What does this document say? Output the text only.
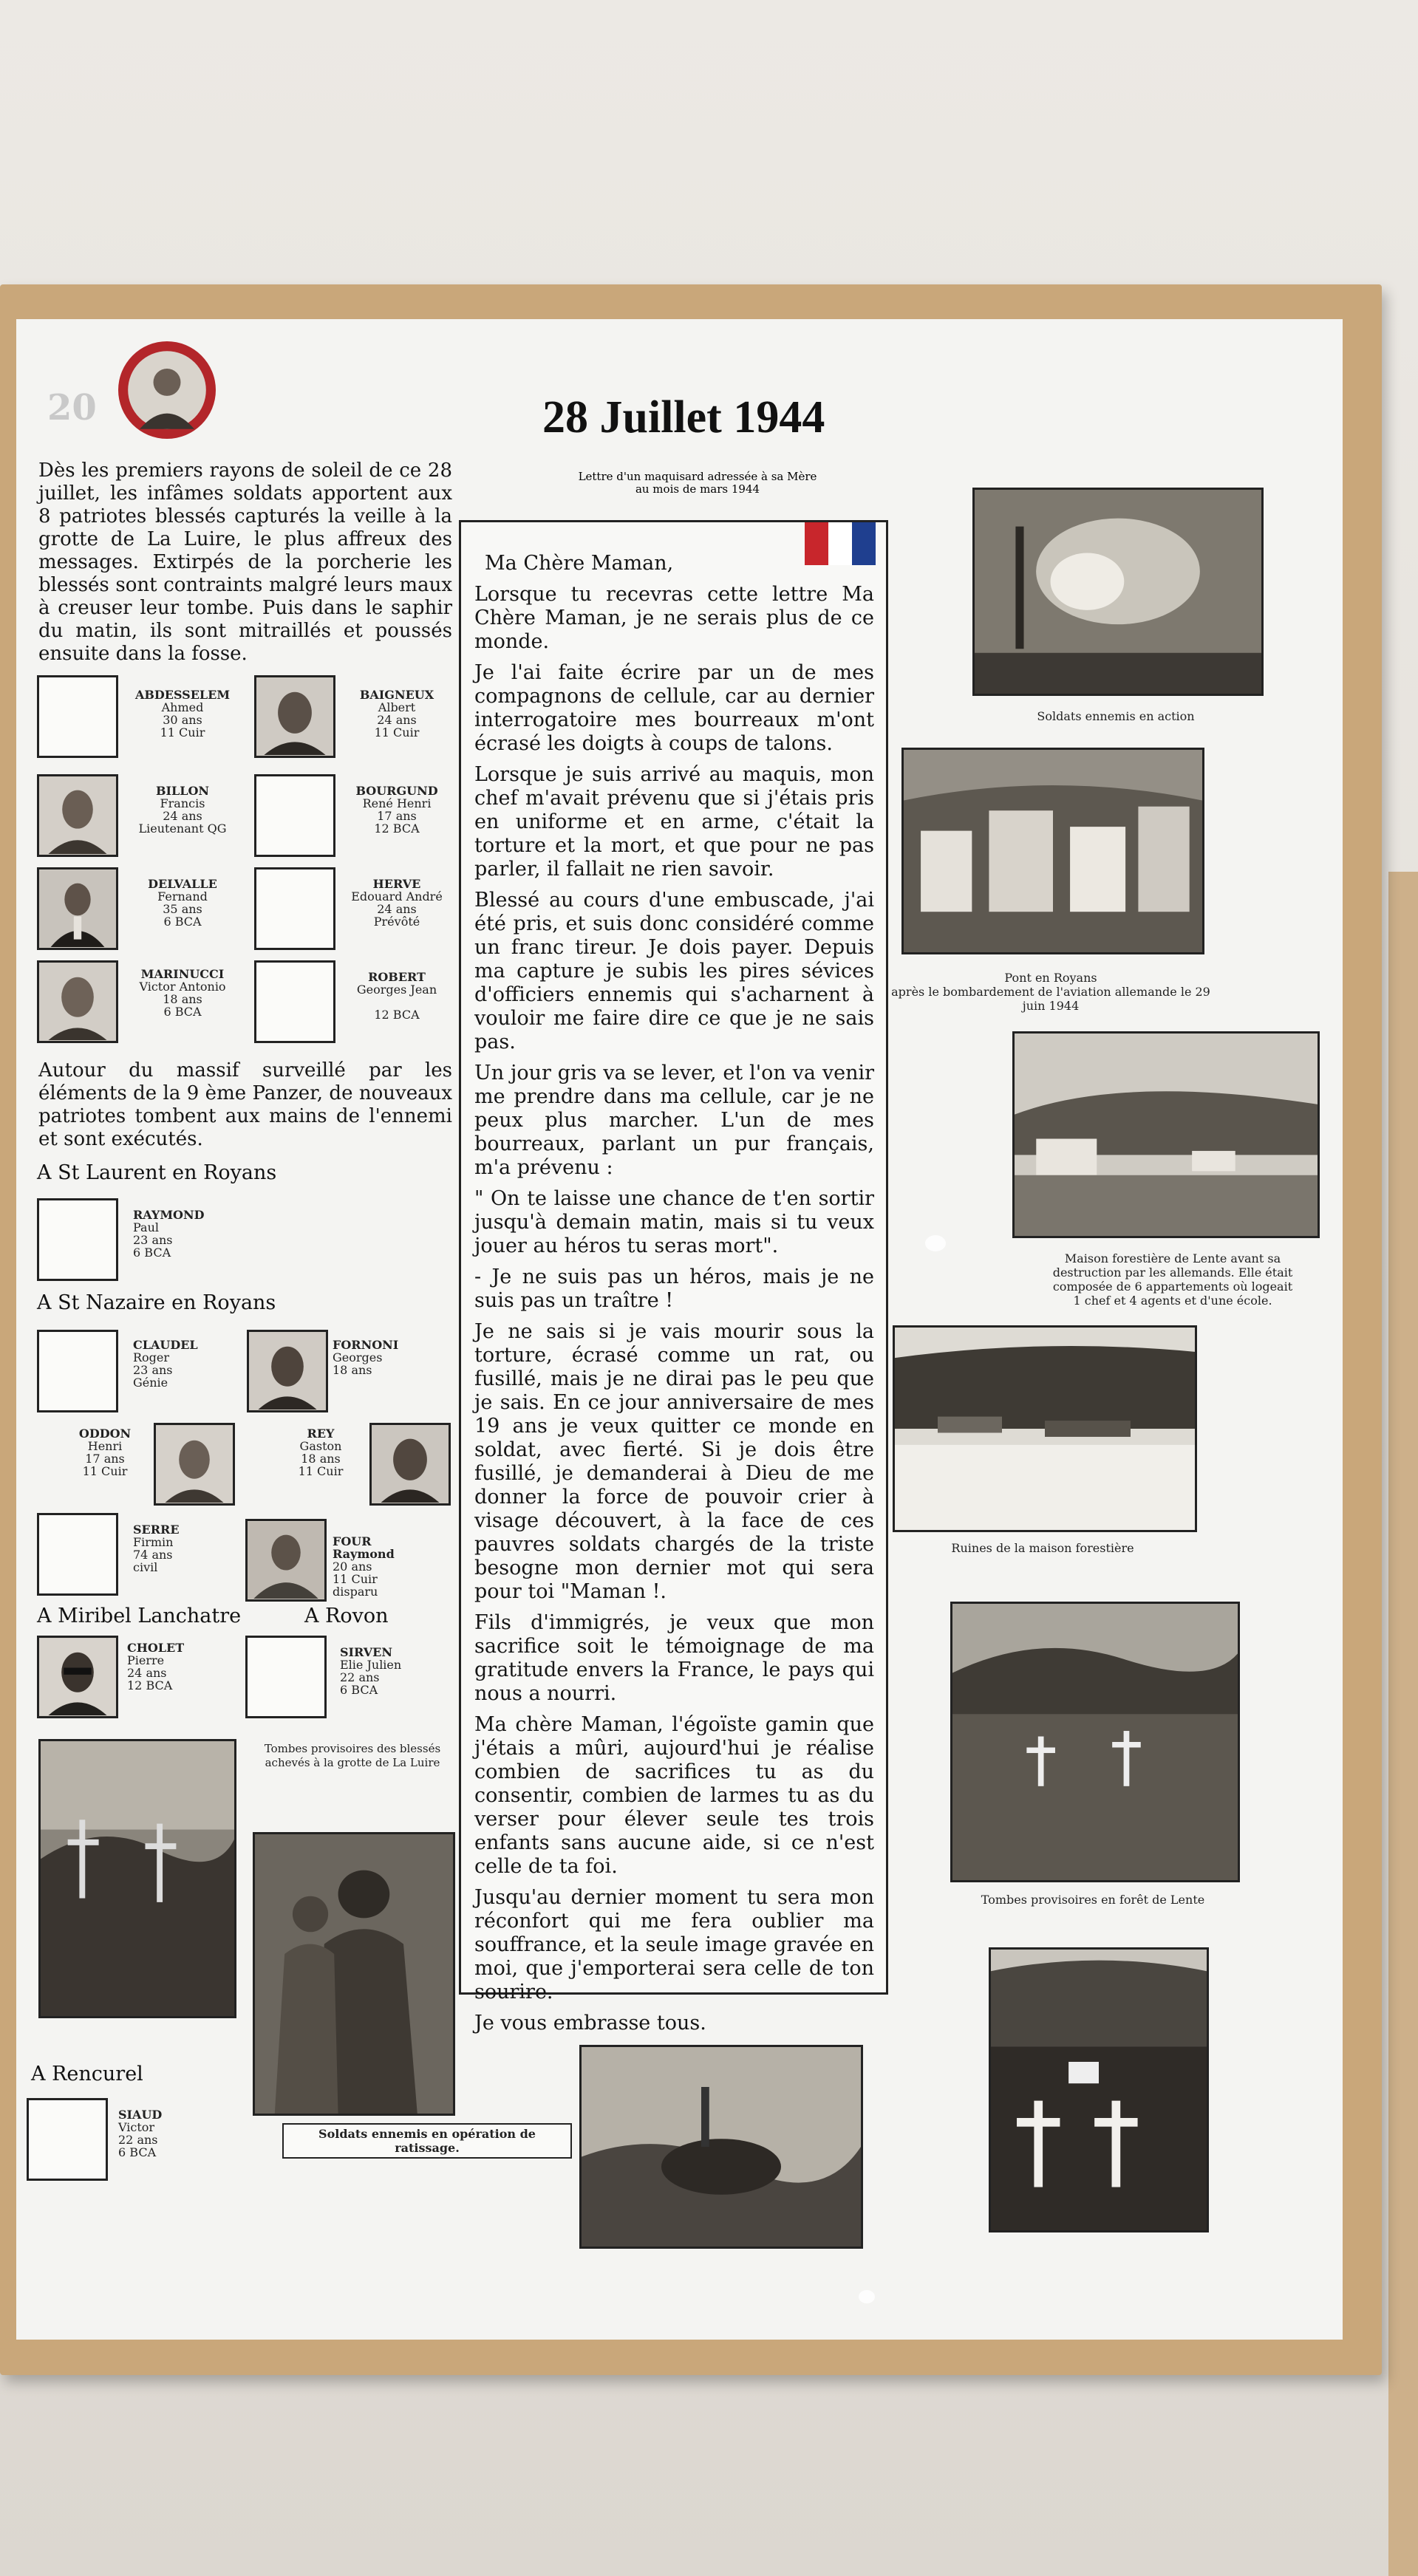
20	28 Juillet 1944
Lettre d'un maquisard adressée à sa Mère
au mois de mars 1944
Dès les premiers rayons de soleil de ce 28 juillet, les infâmes soldats apportent aux 8 patriotes blessés capturés la veille à la grotte de La Luire, le plus affreux des messages. Extirpés de la porcherie les blessés sont contraints malgré leurs maux à creuser leur tombe. Puis dans le saphir du matin, ils sont mitraillés et poussés ensuite dans la fosse.
ABDESSELEM
Ahmed
30 ans
11 Cuir
BAIGNEUX
Albert
24 ans
11 Cuir
BILLON
Francis
24 ans
Lieutenant QG
BOURGUND
René Henri
17 ans
12 BCA
DELVALLE
Fernand
35 ans
6 BCA
HERVE
Edouard André
24 ans
Prévôté
MARINUCCI
Victor Antonio
18 ans
6 BCA
ROBERT
Georges Jean

12 BCA
Autour du massif surveillé par les éléments de la 9 ème Panzer, de nouveaux patriotes tombent aux mains de l'ennemi et sont exécutés.
A St Laurent en Royans
RAYMOND
Paul
23 ans
6 BCA
A St Nazaire en Royans
CLAUDEL
Roger
23 ans
Génie
FORNONI
Georges
18 ans
ODDON
Henri
17 ans
11 Cuir
REY
Gaston
18 ans
11 Cuir
SERRE
Firmin
74 ans
civil
FOUR Raymond
20 ans
11 Cuir
disparu
A Miribel Lanchatre	A Rovon
CHOLET
Pierre
24 ans
12 BCA
SIRVEN
Elie Julien
22 ans
6 BCA
Tombes provisoires des blessés achevés à la grotte de La Luire
Soldats ennemis en opération de ratissage.
A Rencurel
SIAUD
Victor
22 ans
6 BCA

Ma Chère Maman,

Lorsque tu recevras cette lettre Ma Chère Maman, je ne serais plus de ce monde.

Je l'ai faite écrire par un de mes compagnons de cellule, car au dernier interrogatoire mes bourreaux m'ont écrasé les doigts à coups de talons.

Lorsque je suis arrivé au maquis, mon chef m'avait prévenu que si j'étais pris en uniforme et en arme, c'était la torture et la mort, et que pour ne pas parler, il fallait ne rien savoir.

Blessé au cours d'une embuscade, j'ai été pris, et suis donc considéré comme un franc tireur. Je dois payer. Depuis ma capture je subis les pires sévices d'officiers ennemis qui s'acharnent à vouloir me faire dire ce que je ne sais pas.

Un jour gris va se lever, et l'on va venir me prendre dans ma cellule, car je ne peux plus marcher. L'un de mes bourreaux, parlant un pur français, m'a prévenu :

" On te laisse une chance de t'en sortir jusqu'à demain matin, mais si tu veux jouer au héros tu seras mort".

- Je ne suis pas un héros, mais je ne suis pas un traître !

Je ne sais si je vais mourir sous la torture, écrasé comme un rat, ou fusillé, mais je ne dirai pas le peu que je sais. En ce jour anniversaire de mes 19 ans je veux quitter ce monde en soldat, avec fierté. Si je dois être fusillé, je demanderai à Dieu de me donner la force de pouvoir crier à visage découvert, à la face de ces pauvres soldats chargés de la triste besogne mon dernier mot qui sera pour toi "Maman !.

Fils d'immigrés, je veux que mon sacrifice soit le témoignage de ma gratitude envers la France, le pays qui nous a nourri.

Ma chère Maman, l'égoïste gamin que j'étais a mûri, aujourd'hui je réalise combien de sacrifices tu as du consentir, combien de larmes tu as du verser pour élever seule tes trois enfants sans aucune aide, si ce n'est celle de ta foi.

Jusqu'au dernier moment tu sera mon réconfort qui me fera oublier ma souffrance, et la seule image gravée en moi, que j'emporterai sera celle de ton sourire.

Je vous embrasse tous.

Soldats ennemis en action
Pont en Royans
après le bombardement de l'aviation allemande le 29 juin 1944
Maison forestière de Lente avant sa destruction par les allemands. Elle était composée de 6 appartements où logeait 1 chef et 4 agents et d'une école.
Ruines de la maison forestière
Tombes provisoires en forêt de Lente
